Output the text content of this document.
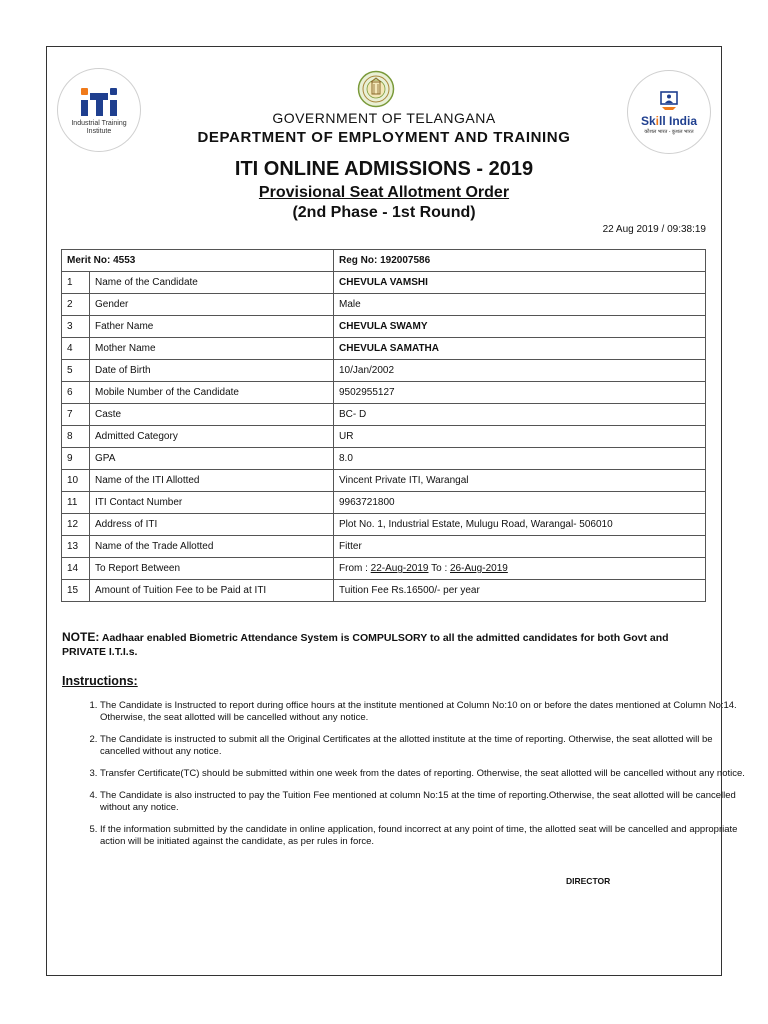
Industrial Training Institute
Skill India
कौशल भारत - कुशल भारत
GOVERNMENT OF TELANGANA
DEPARTMENT OF EMPLOYMENT AND TRAINING
ITI ONLINE ADMISSIONS - 2019
Provisional Seat Allotment Order
(2nd Phase - 1st Round)
22 Aug 2019 / 09:38:19
Merit No: 4553		Reg No: 192007586
1	Name of the Candidate	CHEVULA VAMSHI
2	Gender	Male
3	Father Name	CHEVULA SWAMY
4	Mother Name	CHEVULA SAMATHA
5	Date of Birth	10/Jan/2002
6	Mobile Number of the Candidate	9502955127
7	Caste	BC- D
8	Admitted Category	UR
9	GPA	8.0
10	Name of the ITI Allotted	Vincent Private ITI, Warangal
11	ITI Contact Number	9963721800
12	Address of ITI	Plot No. 1, Industrial Estate, Mulugu Road, Warangal- 506010
13	Name of the Trade Allotted	Fitter
14	To Report Between	From : 22-Aug-2019 To : 26-Aug-2019
15	Amount of Tuition Fee to be Paid at ITI	Tuition Fee Rs.16500/- per year
NOTE: Aadhaar enabled Biometric Attendance System is COMPULSORY to all the admitted candidates for both Govt and PRIVATE I.T.I.s.
Instructions:
1. The Candidate is Instructed to report during office hours at the institute mentioned at Column No:10 on or before the dates mentioned at Column No:14. Otherwise, the seat allotted will be cancelled without any notice.
2. The Candidate is instructed to submit all the Original Certificates at the allotted institute at the time of reporting. Otherwise, the seat allotted will be cancelled without any notice.
3. Transfer Certificate(TC) should be submitted within one week from the dates of reporting. Otherwise, the seat allotted will be cancelled without any notice.
4. The Candidate is also instructed to pay the Tuition Fee mentioned at column No:15 at the time of reporting.Otherwise, the seat allotted will be cancelled without any notice.
5. If the information submitted by the candidate in online application, found incorrect at any point of time, the allotted seat will be cancelled and appropriate action will be initiated against the candidate, as per rules in force.
DIRECTOR
